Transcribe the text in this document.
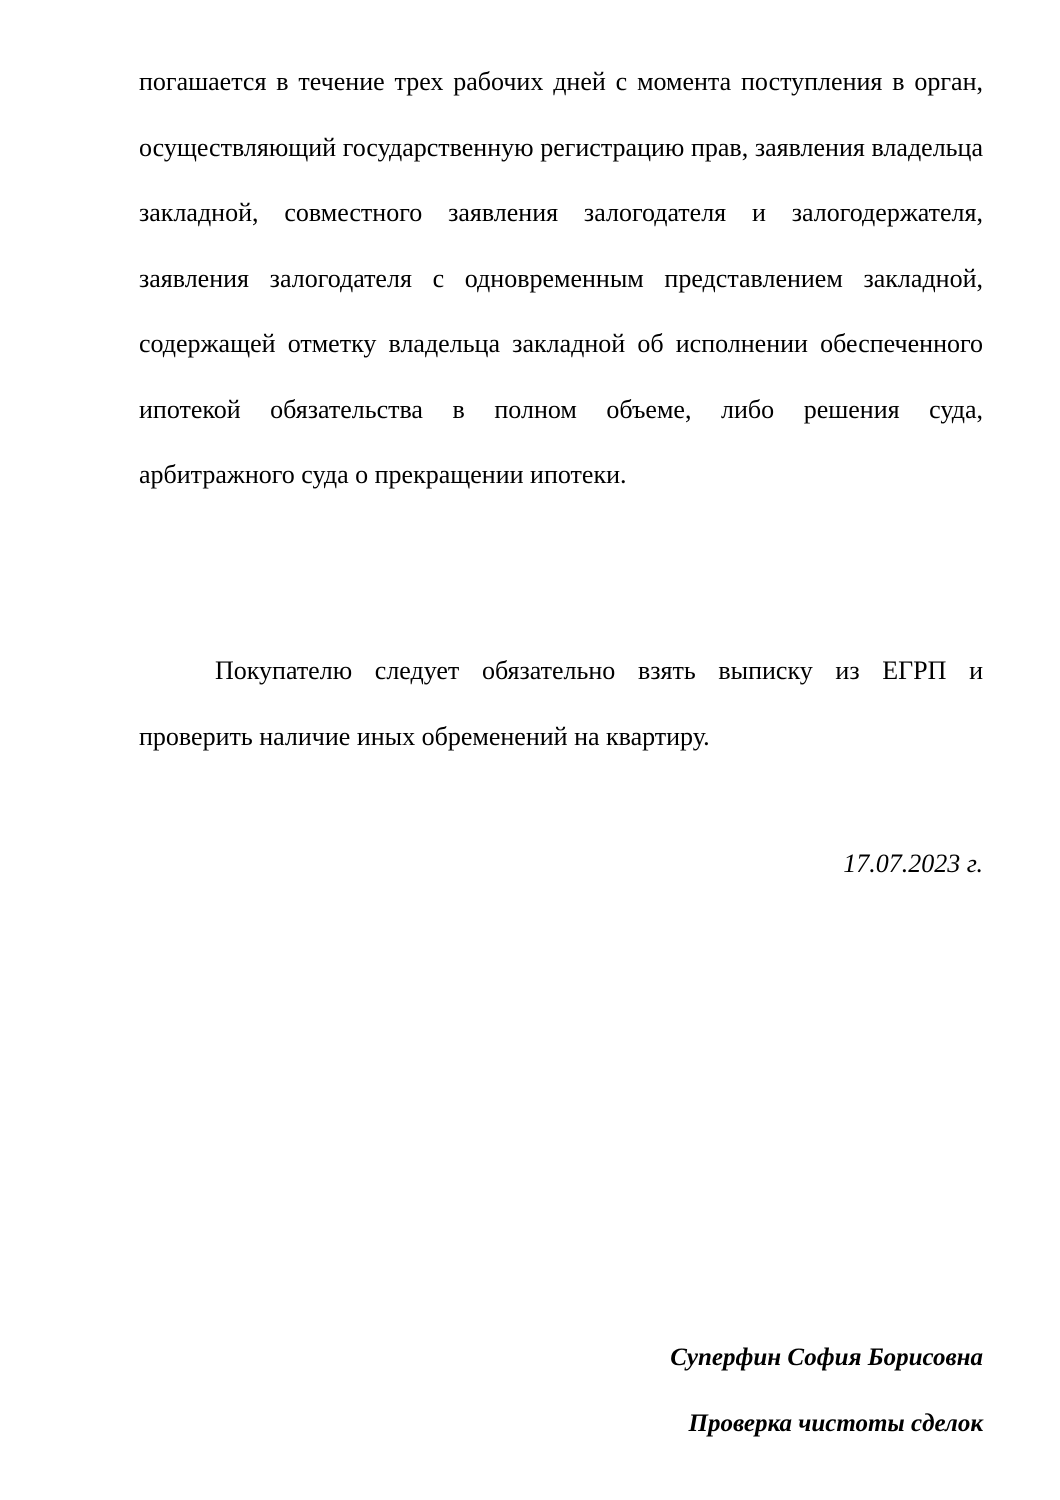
погашается в течение трех рабочих дней с момента поступления в орган, осуществляющий государственную регистрацию прав, заявления владельца закладной, совместного заявления залогодателя и залогодержателя, заявления залогодателя с одновременным представлением закладной, содержащей отметку владельца закладной об исполнении обеспеченного ипотекой обязательства в полном объеме, либо решения суда, арбитражного суда о прекращении ипотеки.

Покупателю следует обязательно взять выписку из ЕГРП и проверить наличие иных обременений на квартиру.

17.07.2023 г.
Суперфин София Борисовна
Проверка чистоты сделок
